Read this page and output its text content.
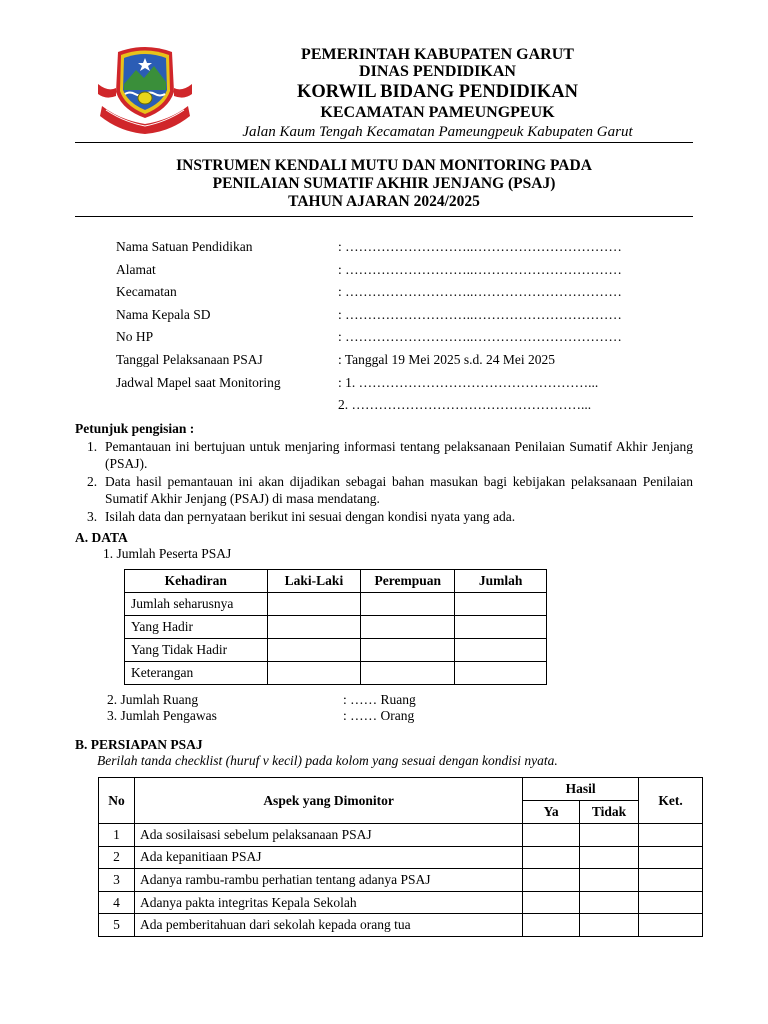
PEMERINTAH KABUPATEN GARUT
DINAS PENDIDIKAN
KORWIL BIDANG PENDIDIKAN
KECAMATAN PAMEUNGPEUK
Jalan Kaum Tengah Kecamatan Pameungpeuk Kabupaten Garut
INSTRUMEN KENDALI MUTU DAN MONITORING PADA
PENILAIAN SUMATIF AKHIR JENJANG (PSAJ)
TAHUN AJARAN 2024/2025
Nama Satuan Pendidikan	: ………………………..……………………………
Alamat	: ………………………..……………………………
Kecamatan	: ………………………..……………………………
Nama Kepala SD	: ………………………..……………………………
No HP	: ………………………..……………………………
Tanggal Pelaksanaan PSAJ	: Tanggal 19 Mei 2025 s.d. 24 Mei 2025
Jadwal Mapel saat Monitoring	: 1. ……………………………………………...
2. ……………………………………………...
Petunjuk pengisian :
1. Pemantauan ini bertujuan untuk menjaring informasi tentang pelaksanaan Penilaian Sumatif Akhir Jenjang (PSAJ).
2. Data hasil pemantauan ini akan dijadikan sebagai bahan masukan bagi kebijakan pelaksanaan Penilaian Sumatif Akhir Jenjang (PSAJ) di masa mendatang.
3. Isilah data dan pernyataan berikut ini sesuai dengan kondisi nyata yang ada.
A. DATA
1. Jumlah Peserta PSAJ
Kehadiran	Laki-Laki	Perempuan	Jumlah
Jumlah seharusnya			
Yang Hadir			
Yang Tidak Hadir			
Keterangan			
2. Jumlah Ruang	: …… Ruang
3. Jumlah Pengawas	: …… Orang
B. PERSIAPAN PSAJ
Berilah tanda checklist (huruf v kecil) pada kolom yang sesuai dengan kondisi nyata.
No	Aspek yang Dimonitor	Hasil		Ket.
		Ya	Tidak	
1	Ada sosilaisasi sebelum pelaksanaan PSAJ			
2	Ada kepanitiaan PSAJ			
3	Adanya rambu-rambu perhatian tentang adanya PSAJ			
4	Adanya pakta integritas Kepala Sekolah			
5	Ada pemberitahuan dari sekolah kepada orang tua			
